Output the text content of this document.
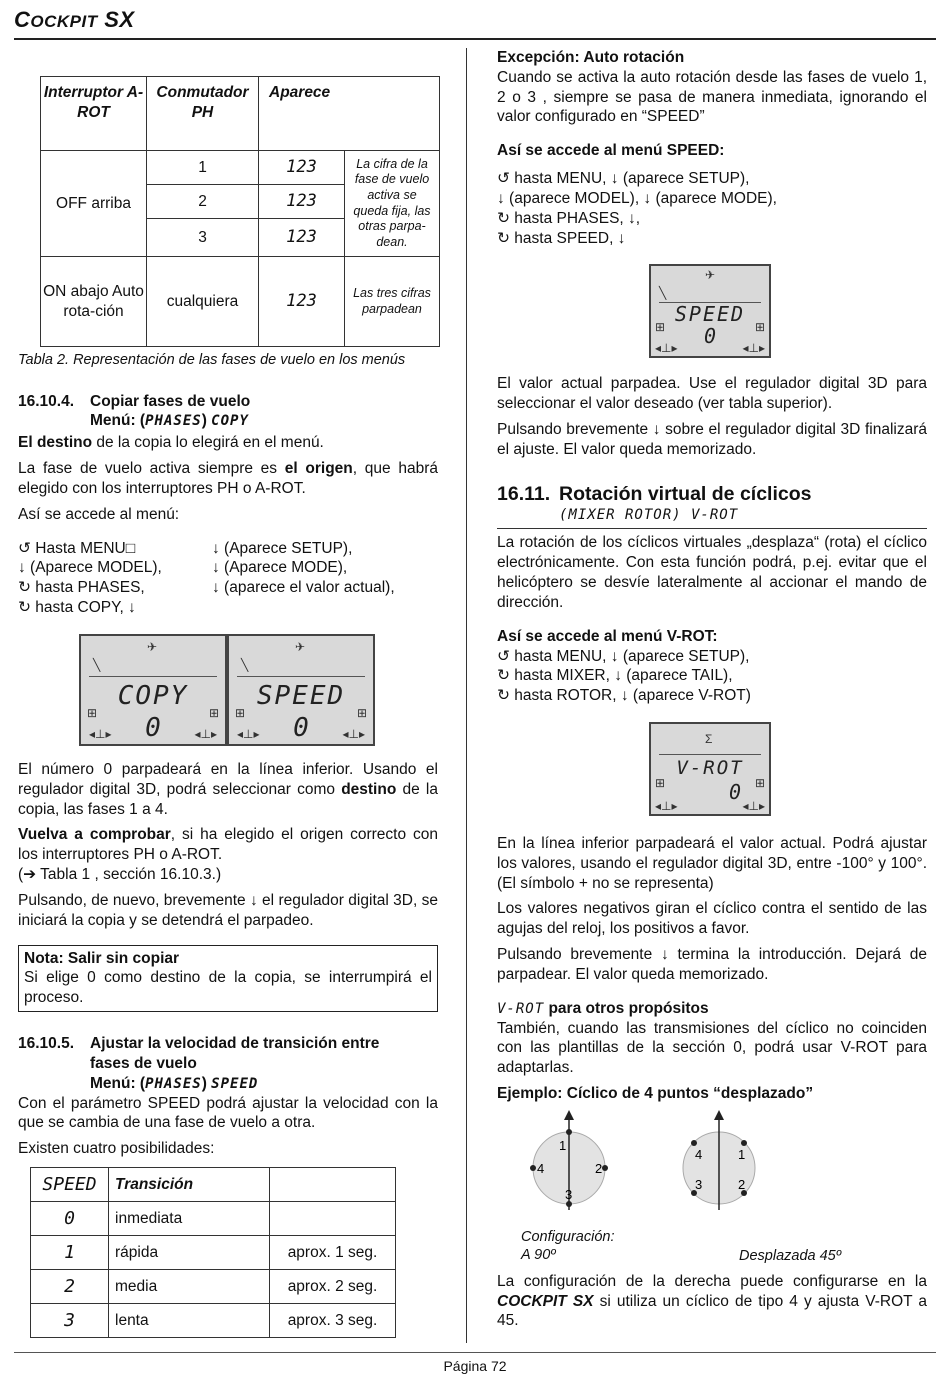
COCKPIT SX
Interruptor A-ROT	Conmutador PH	Aparece	
OFF arriba	1	123	La cifra de la fase de vuelo activa se queda fija, las otras parpa-dean.
	2	123	
	3	123	
ON abajo Auto rota-ción	cualquiera	123	Las tres cifras parpadean
Tabla 2. Representación de las fases de vuelo en los menús
16.10.4. Copiar fases de vuelo
Menú: (PHASES) COPY

El destino de la copia lo elegirá en el menú.

La fase de vuelo activa siempre es el origen, que habrá elegido con los interruptores PH o A-ROT.

Así se accede al menú:

↺ Hasta MENU□	↓ (Aparece SETUP),
↓ (Aparece MODEL),	↓ (Aparece MODE),
↻ hasta PHASES,	↓ (aparece el valor actual),
↻ hasta COPY, ↓
✈
╲
⊞	⊞
COPY
0
◂⊥▸	◂⊥▸
✈
╲
⊞	⊞
SPEED
0
◂⊥▸	◂⊥▸

El número 0 parpadeará en la línea inferior. Usando el regulador digital 3D, podrá seleccionar como destino de la copia, las fases 1 a 4.

Vuelva a comprobar, si ha elegido el origen correcto con los interruptores PH o A-ROT.

(➔ Tabla 1 , sección 16.10.3.)

Pulsando, de nuevo, brevemente ↓ el regulador digital 3D, se iniciará la copia y se detendrá el parpadeo.

Nota: Salir sin copiar

Si elige 0 como destino de la copia, se interrumpirá el proceso.

16.10.5. Ajustar la velocidad de transición entre
fases de vuelo
Menú: (PHASES) SPEED

Con el parámetro SPEED podrá ajustar la velocidad con la que se cambia de una fase de vuelo a otra.

Existen cuatro posibilidades:

SPEED	Transición	
0	inmediata	
1	rápida	aprox. 1 seg.
2	media	aprox. 2 seg.
3	lenta	aprox. 3 seg.
Excepción: Auto rotación

Cuando se activa la auto rotación desde las fases de vuelo 1, 2 o 3 , siempre se pasa de manera inmediata, ignorando el valor configurado en “SPEED”

Así se accede al menú SPEED:

↺ hasta MENU, ↓ (aparece SETUP),
↓ (aparece MODEL), ↓ (aparece MODE),
↻ hasta PHASES, ↓,
↻ hasta SPEED, ↓
✈
╲
⊞	⊞
SPEED
0
◂⊥▸	◂⊥▸

El valor actual parpadea. Use el regulador digital 3D para seleccionar el valor deseado (ver tabla superior).

Pulsando brevemente ↓ sobre el regulador digital 3D finalizará el ajuste. El valor queda memorizado.

16.11. Rotación virtual de cíclicos
(MIXER ROTOR) V-ROT

La rotación de los cíclicos virtuales „desplaza“ (rota) el cíclico electrónicamente. Con esta función podrá, p.ej. evitar que el helicóptero se desvíe lateralmente al accionar el mando de dirección.

Así se accede al menú V-ROT:

↺ hasta MENU, ↓ (aparece SETUP),
↻ hasta MIXER, ↓ (aparece TAIL),
↻ hasta ROTOR, ↓ (aparece V-ROT)
Σ
⊞	⊞
V-ROT
0
◂⊥▸	◂⊥▸

En la línea inferior parpadeará el valor actual. Podrá ajustar los valores, usando el regulador digital 3D, entre -100° y 100°. (El símbolo + no se representa)

Los valores negativos giran el cíclico contra el sentido de las agujas del reloj, los positivos a favor.

Pulsando brevemente ↓ termina la introducción. Dejará de parpadear. El valor queda memorizado.

V-ROT para otros propósitos

También, cuando las transmisiones del cíclico no coinciden con las plantillas de la sección 0, podrá usar V-ROT para adaptarlas.

Ejemplo: Cíclico de 4 puntos “desplazado”

1
2
3
4
1
2
3
4
Configuración:
A 90º	Desplazada 45º

La configuración de la derecha puede configurarse en la COCKPIT SX si utiliza un cíclico de tipo 4 y ajusta V-ROT a 45.

Página 72
